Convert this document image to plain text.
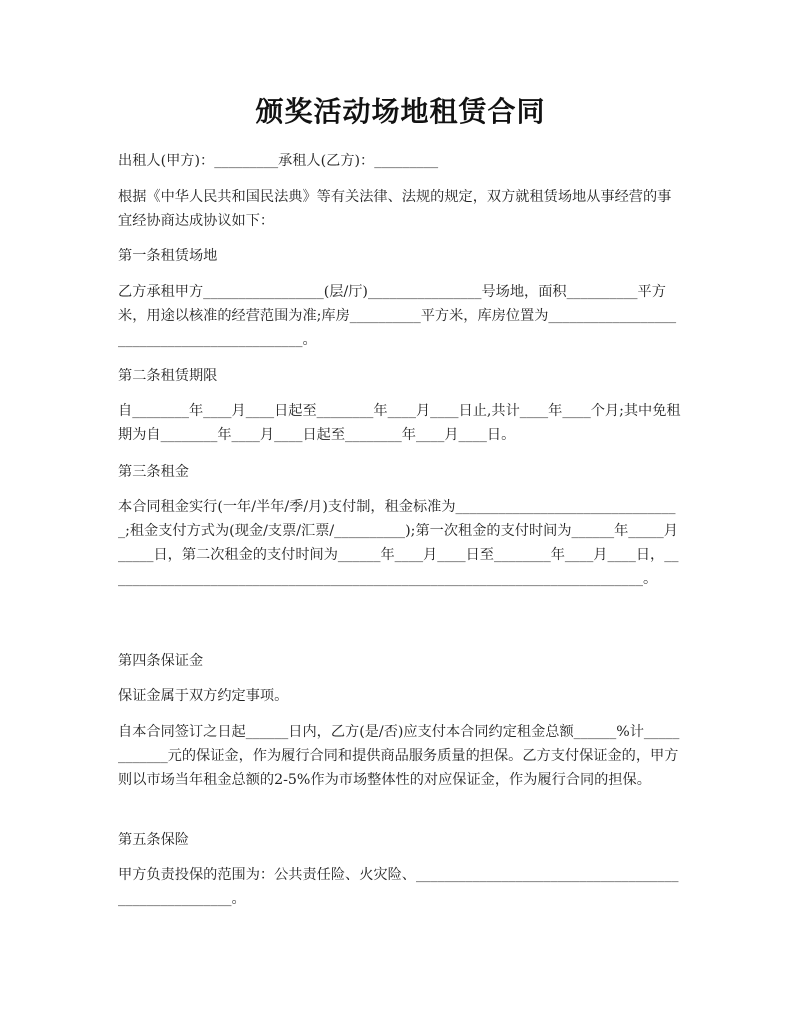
颁奖活动场地租赁合同
出租人(甲方)：_________承租人(乙方)：_________
根据《中华人民共和国民法典》等有关法律、法规的规定，双方就租赁场地从事经营的事宜经协商达成协议如下：
第一条租赁场地
乙方承租甲方_________________(层/厅)________________号场地，面积__________平方米，用途以核准的经营范围为准;库房__________平方米，库房位置为____________________________________________。
第二条租赁期限
自________年____月____日起至________年____月____日止,共计____年____个月;其中免租期为自________年____月____日起至________年____月____日。
第三条租金
本合同租金实行(一年/半年/季/月)支付制，租金标准为________________________________;租金支付方式为(现金/支票/汇票/__________);第一次租金的支付时间为______年_____月_____日，第二次租金的支付时间为______年____月____日至________年____月____日，____________________________________________________________________________。
第四条保证金
保证金属于双方约定事项。
自本合同签订之日起______日内，乙方(是/否)应支付本合同约定租金总额______%计____________元的保证金，作为履行合同和提供商品服务质量的担保。乙方支付保证金的，甲方则以市场当年租金总额的2-5%作为市场整体性的对应保证金，作为履行合同的担保。
第五条保险
甲方负责投保的范围为：公共责任险、火灾险、_____________________________________________________。
